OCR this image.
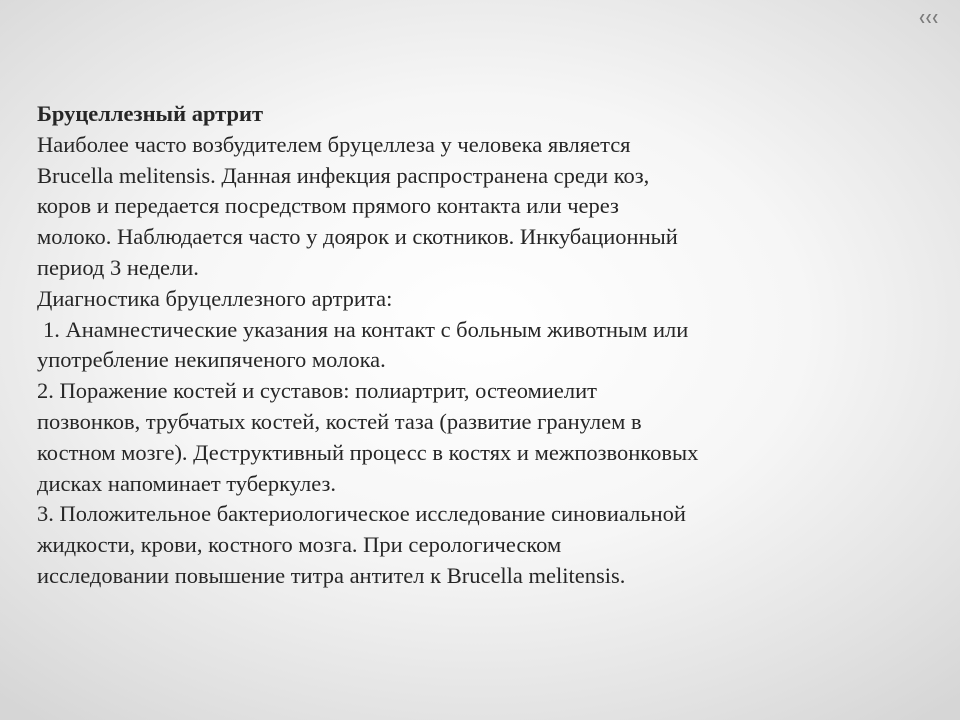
❮❮❮

Бруцеллезный артрит

Наиболее часто возбудителем бруцеллеза у человека является

Brucella melitensis. Данная инфекция распространена среди коз,

коров и передается посредством прямого контакта или через

молоко. Наблюдается часто у доярок и скотников. Инкубационный

период 3 недели.

Диагностика бруцеллезного артрита:

1. Анамнестические указания на контакт с больным животным или

употребление некипяченого молока.

2. Поражение костей и суставов: полиартрит, остеомиелит

позвонков, трубчатых костей, костей таза (развитие гранулем в

костном мозге). Деструктивный процесс в костях и межпозвонковых

дисках напоминает туберкулез.

3. Положительное бактериологическое исследование синовиальной

жидкости, крови, костного мозга. При серологическом

исследовании повышение титра антител к Brucella melitensis.
